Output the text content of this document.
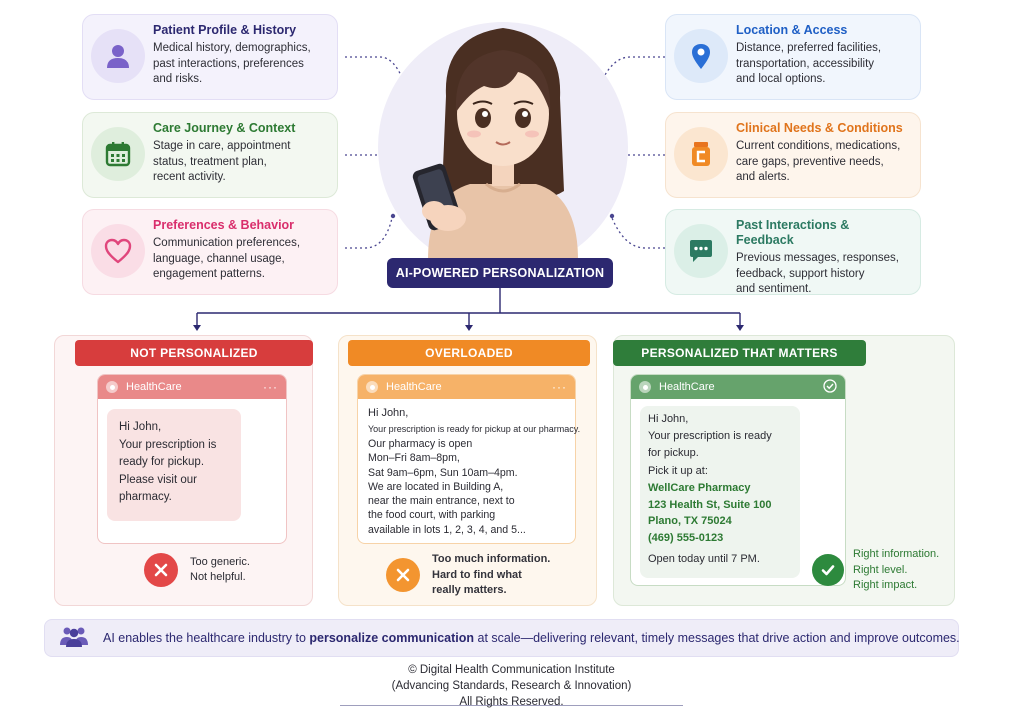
Patient Profile & History
Medical history, demographics,
past interactions, preferences
and risks.
Care Journey & Context
Stage in care, appointment
status, treatment plan,
recent activity.
Preferences & Behavior
Communication preferences,
language, channel usage,
engagement patterns.
Location & Access
Distance, preferred facilities,
transportation, accessibility
and local options.
Clinical Needs & Conditions
Current conditions, medications,
care gaps, preventive needs,
and alerts.
Past Interactions & Feedback
Previous messages, responses,
feedback, support history
and sentiment.
AI-POWERED PERSONALIZATION
NOT PERSONALIZED	OVERLOADED	PERSONALIZED THAT MATTERS
HealthCare	···
Hi John,
Your prescription is ready for pickup.
Please visit our pharmacy.
HealthCare	···
Hi John,
Your prescription is ready for pickup at our pharmacy.
Our pharmacy is open
Mon–Fri 8am–8pm,
Sat 9am–6pm, Sun 10am–4pm.
We are located in Building A,
near the main entrance, next to
the food court, with parking
available in lots 1, 2, 3, 4, and 5...
HealthCare
Hi John,
Your prescription is ready
for pickup.
Pick it up at:
WellCare Pharmacy
123 Health St, Suite 100
Plano, TX 75024
(469) 555-0123
Open today until 7 PM.
Too generic.
Not helpful.
Too much information.
Hard to find what
really matters.
Right information.
Right level.
Right impact.
AI enables the healthcare industry to personalize communication at scale—delivering relevant, timely messages that drive action and improve outcomes.
© Digital Health Communication Institute
(Advancing Standards, Research & Innovation)
All Rights Reserved.
